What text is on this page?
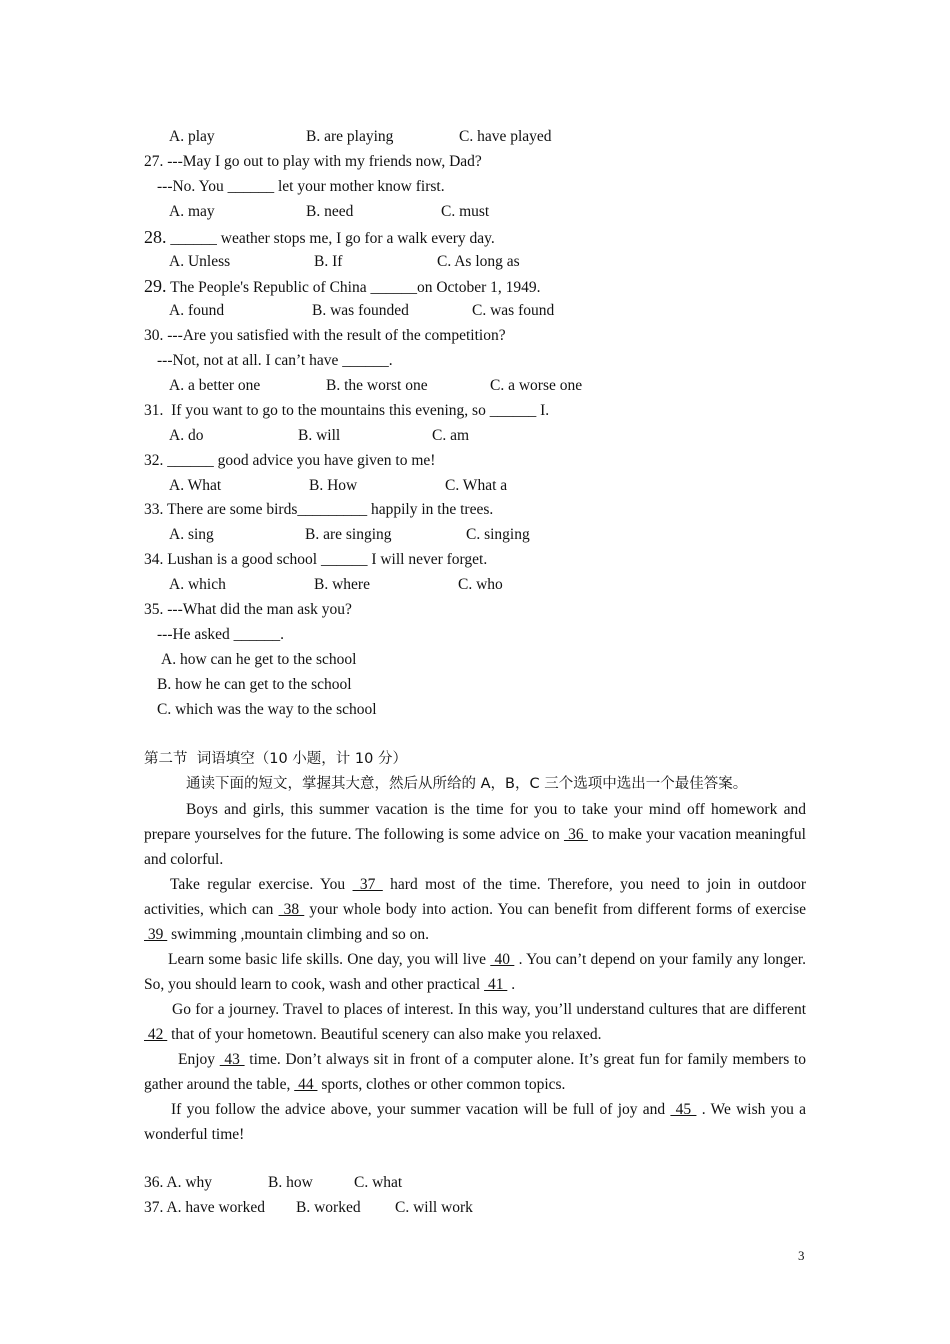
A. play	B. are playing	C. have played
27. ---May I go out to play with my friends now, Dad?
---No. You ______ let your mother know first.
A. may	B. need	C. must
28. ______ weather stops me, I go for a walk every day.
A. Unless	B. If	C. As long as
29. The People's Republic of China ______on October 1, 1949.
A. found	B. was founded	C. was found
30. ---Are you satisfied with the result of the competition?
---Not, not at all. I can’t have ______.
A. a better one	B. the worst one	C. a worse one
31.  If you want to go to the mountains this evening, so ______ I.
A. do	B. will	C. am
32. ______ good advice you have given to me!
A. What	B. How	C. What a
33. There are some birds_________ happily in the trees.
A. sing	B. are singing	C. singing
34. Lushan is a good school ______ I will never forget.
A. which	B. where	C. who
35. ---What did the man ask you?
---He asked ______.
A. how can he get to the school
B. how he can get to the school
C. which was the way to the school
第二节  词语填空（10 小题，计 10 分）
通读下面的短文，掌握其大意，然后从所给的 A，B，C 三个选项中选出一个最佳答案。
Boys and girls, this summer vacation is the time for you to take your mind off homework and prepare yourselves for the future. The following is some advice on  36  to make your vacation meaningful and colorful.
Take regular exercise. You  37  hard most of the time. Therefore, you need to join in outdoor activities, which can  38  your whole body into action. You can benefit from different forms of exercise  39  swimming ,mountain climbing and so on.
Learn some basic life skills. One day, you will live  40  . You can’t depend on your family any longer. So, you should learn to cook, wash and other practical  41  .
Go for a journey. Travel to places of interest. In this way, you’ll understand cultures that are different  42  that of your hometown. Beautiful scenery can also make you relaxed.
Enjoy  43  time. Don’t always sit in front of a computer alone. It’s great fun for family members to gather around the table,  44  sports, clothes or other common topics.
If you follow the advice above, your summer vacation will be full of joy and  45  . We wish you a wonderful time!
36. A. why	B. how	C. what
37. A. have worked B. worked C. will work
3
